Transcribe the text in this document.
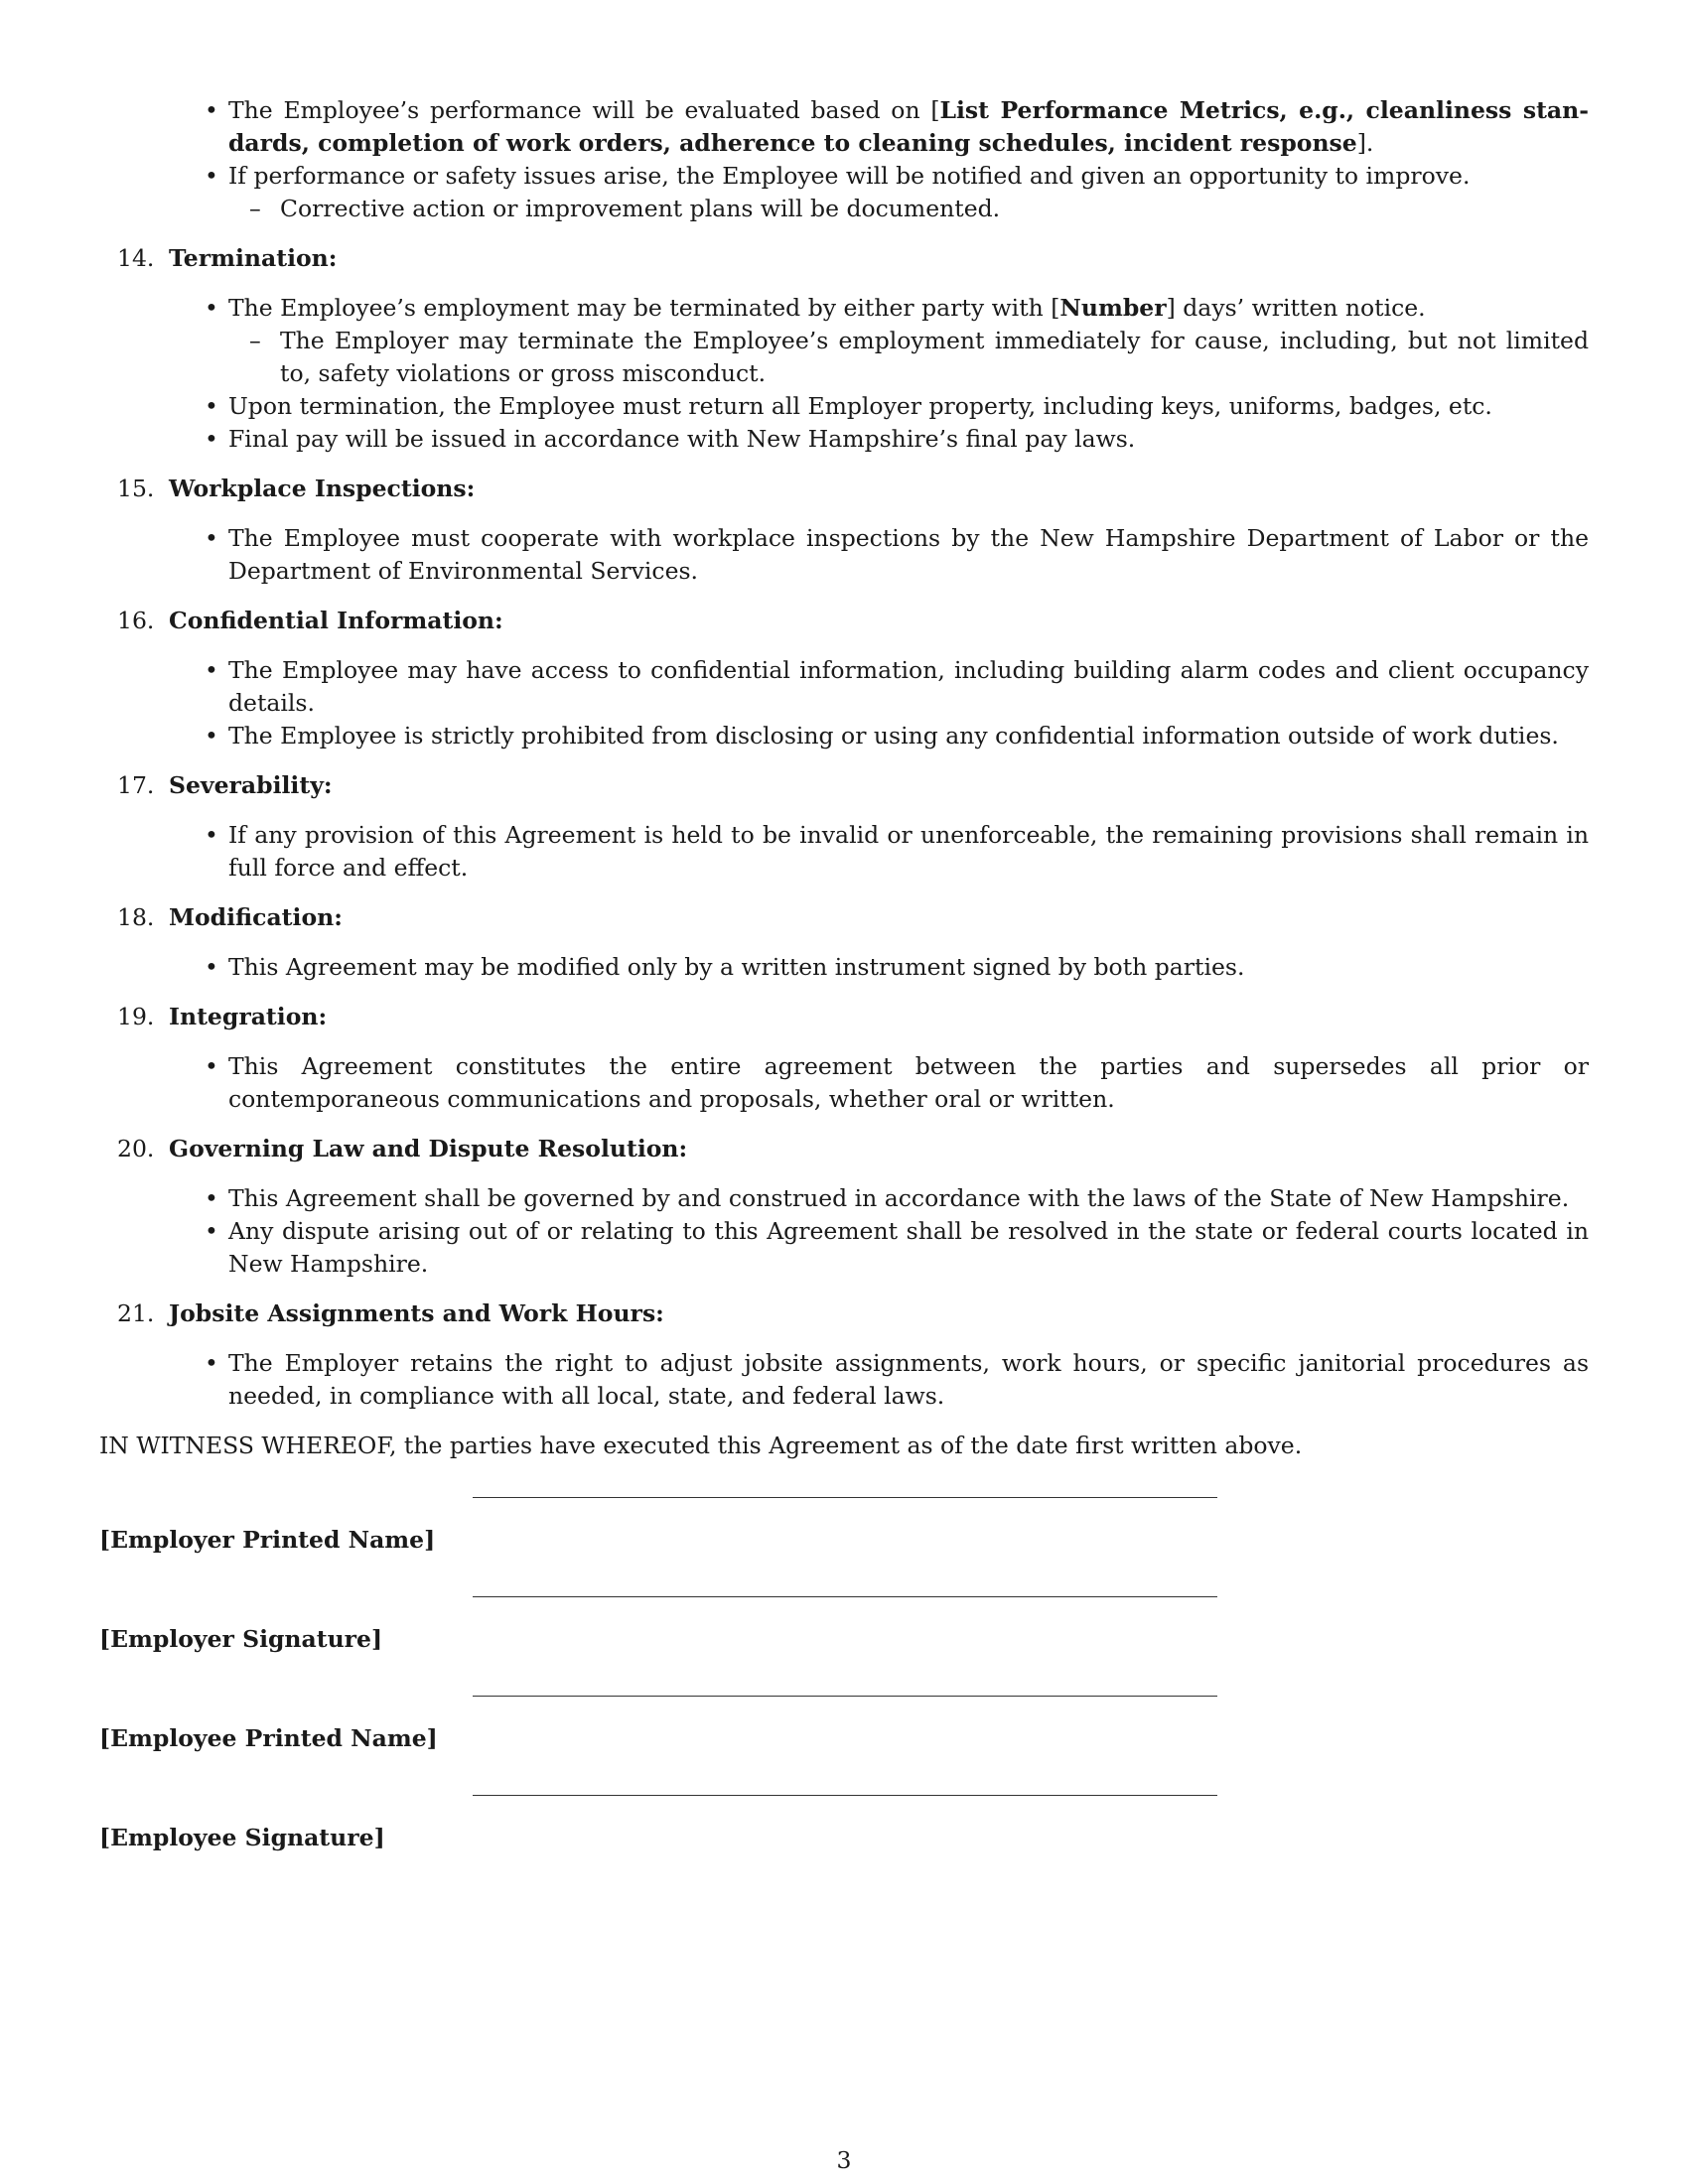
• The Employee’s performance will be evaluated based on [List Performance Metrics, e.g., cleanliness stan-dards, completion of work orders, adherence to cleaning schedules, incident response].
• If performance or safety issues arise, the Employee will be notified and given an opportunity to improve.
– Corrective action or improvement plans will be documented.
14. Termination:
• The Employee’s employment may be terminated by either party with [Number] days’ written notice.
– The Employer may terminate the Employee’s employment immediately for cause, including, but not limited to, safety violations or gross misconduct.
• Upon termination, the Employee must return all Employer property, including keys, uniforms, badges, etc.
• Final pay will be issued in accordance with New Hampshire’s final pay laws.
15. Workplace Inspections:
• The Employee must cooperate with workplace inspections by the New Hampshire Department of Labor or the Department of Environmental Services.
16. Confidential Information:
• The Employee may have access to confidential information, including building alarm codes and client occupancy details.
• The Employee is strictly prohibited from disclosing or using any confidential information outside of work duties.
17. Severability:
• If any provision of this Agreement is held to be invalid or unenforceable, the remaining provisions shall remain in full force and effect.
18. Modification:
• This Agreement may be modified only by a written instrument signed by both parties.
19. Integration:
• This Agreement constitutes the entire agreement between the parties and supersedes all prior or contemporaneous communications and proposals, whether oral or written.
20. Governing Law and Dispute Resolution:
• This Agreement shall be governed by and construed in accordance with the laws of the State of New Hampshire.
• Any dispute arising out of or relating to this Agreement shall be resolved in the state or federal courts located in New Hampshire.
21. Jobsite Assignments and Work Hours:
• The Employer retains the right to adjust jobsite assignments, work hours, or specific janitorial procedures as needed, in compliance with all local, state, and federal laws.
IN WITNESS WHEREOF, the parties have executed this Agreement as of the date first written above.
[Employer Printed Name]
[Employer Signature]
[Employee Printed Name]
[Employee Signature]
3
